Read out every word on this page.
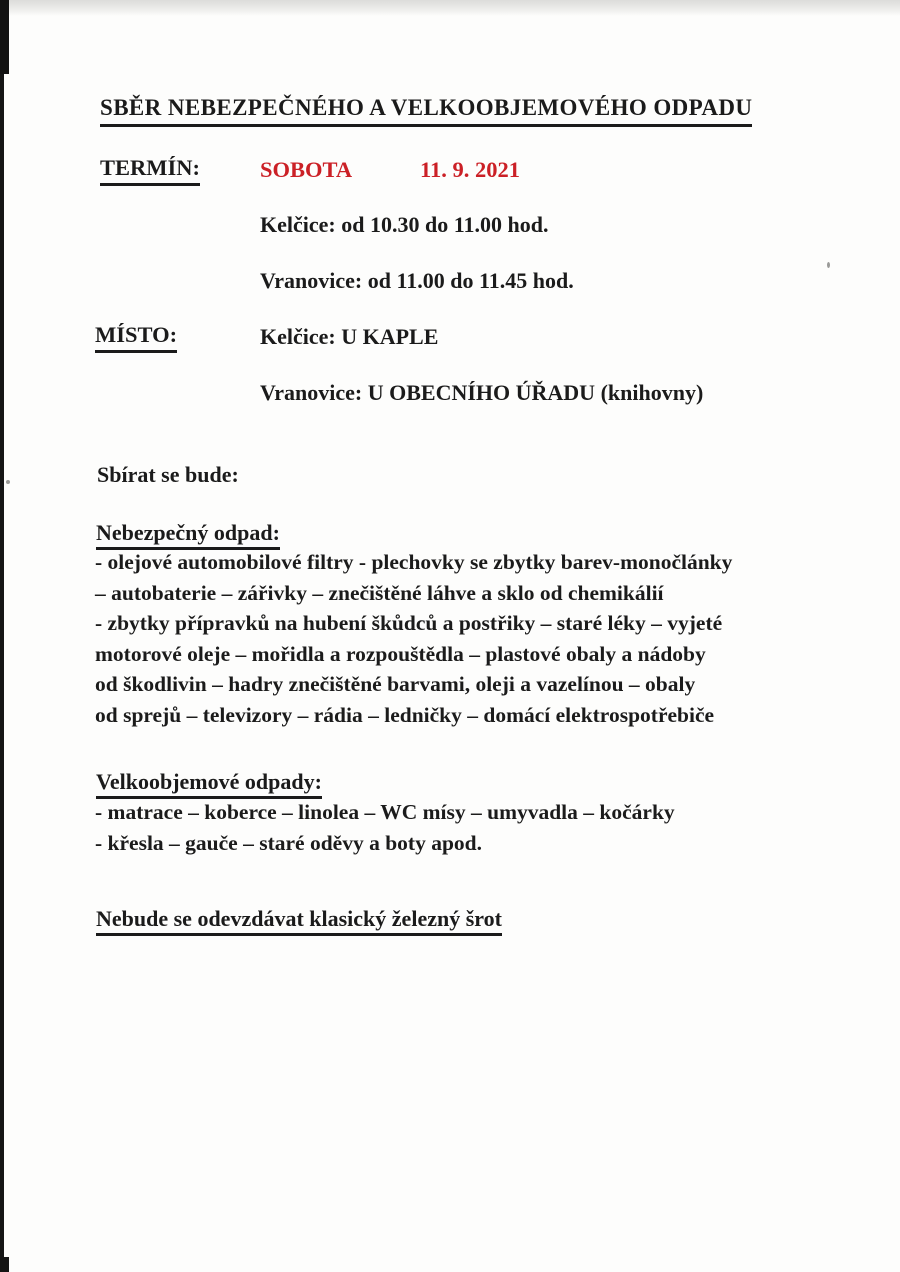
SBĚR NEBEZPEČNÉHO A VELKOOBJEMOVÉHO ODPADU
TERMÍN:	SOBOTA	11. 9. 2021
Kelčice: od 10.30 do 11.00 hod.
Vranovice: od 11.00 do 11.45 hod.
MÍSTO:	Kelčice: U KAPLE
Vranovice: U OBECNÍHO ÚŘADU (knihovny)
Sbírat se bude:
Nebezpečný odpad:
- olejové automobilové filtry - plechovky se zbytky barev-monočlánky
– autobaterie – zářivky – znečištěné láhve a sklo od chemikálií
- zbytky přípravků na hubení škůdců a postřiky – staré léky – vyjeté
motorové oleje – mořidla a rozpouštědla – plastové obaly a nádoby
od škodlivin – hadry znečištěné barvami, oleji a vazelínou – obaly
od sprejů – televizory – rádia – ledničky – domácí elektrospotřebiče
Velkoobjemové odpady:
- matrace – koberce – linolea – WC mísy – umyvadla – kočárky
- křesla – gauče – staré oděvy a boty apod.
Nebude se odevzdávat klasický železný šrot
